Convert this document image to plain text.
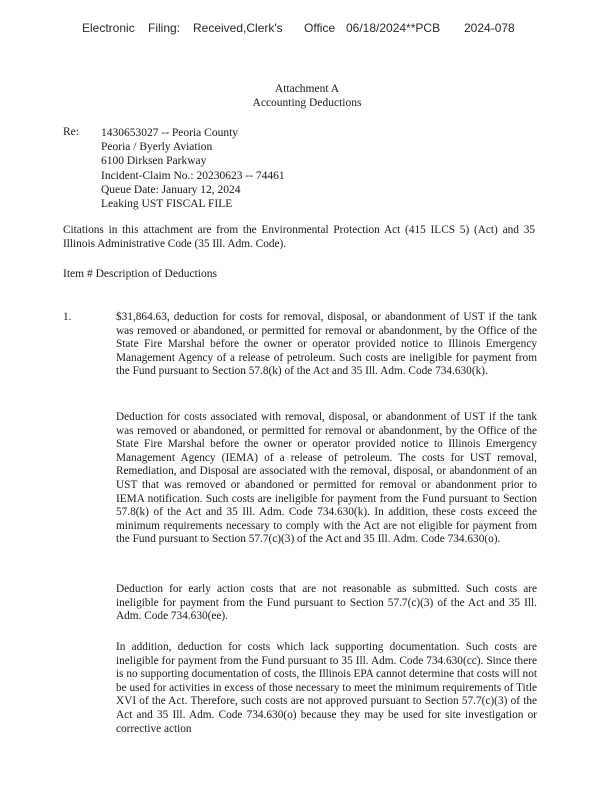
Electronic Filing: Received,Clerk's Office 06/18/2024**PCB 2024-078
Attachment A
Accounting Deductions
Re: 1430653027 -- Peoria County
Peoria / Byerly Aviation
6100 Dirksen Parkway
Incident-Claim No.: 20230623 -- 74461
Queue Date: January 12, 2024
Leaking UST FISCAL FILE
Citations in this attachment are from the Environmental Protection Act (415 ILCS 5) (Act) and 35 Illinois Administrative Code (35 Ill. Adm. Code).
Item # Description of Deductions
1.	$31,864.63, deduction for costs for removal, disposal, or abandonment of UST if the tank was removed or abandoned, or permitted for removal or abandonment, by the Office of the State Fire Marshal before the owner or operator provided notice to Illinois Emergency Management Agency of a release of petroleum. Such costs are ineligible for payment from the Fund pursuant to Section 57.8(k) of the Act and 35 Ill. Adm. Code 734.630(k).
Deduction for costs associated with removal, disposal, or abandonment of UST if the tank was removed or abandoned, or permitted for removal or abandonment, by the Office of the State Fire Marshal before the owner or operator provided notice to Illinois Emergency Management Agency (IEMA) of a release of petroleum. The costs for UST removal, Remediation, and Disposal are associated with the removal, disposal, or abandonment of an UST that was removed or abandoned or permitted for removal or abandonment prior to IEMA notification. Such costs are ineligible for payment from the Fund pursuant to Section 57.8(k) of the Act and 35 Ill. Adm. Code 734.630(k). In addition, these costs exceed the minimum requirements necessary to comply with the Act are not eligible for payment from the Fund pursuant to Section 57.7(c)(3) of the Act and 35 Ill. Adm. Code 734.630(o).
Deduction for early action costs that are not reasonable as submitted. Such costs are ineligible for payment from the Fund pursuant to Section 57.7(c)(3) of the Act and 35 Ill. Adm. Code 734.630(ee).
In addition, deduction for costs which lack supporting documentation. Such costs are ineligible for payment from the Fund pursuant to 35 Ill. Adm. Code 734.630(cc). Since there is no supporting documentation of costs, the Illinois EPA cannot determine that costs will not be used for activities in excess of those necessary to meet the minimum requirements of Title XVI of the Act. Therefore, such costs are not approved pursuant to Section 57.7(c)(3) of the Act and 35 Ill. Adm. Code 734.630(o) because they may be used for site investigation or corrective action
